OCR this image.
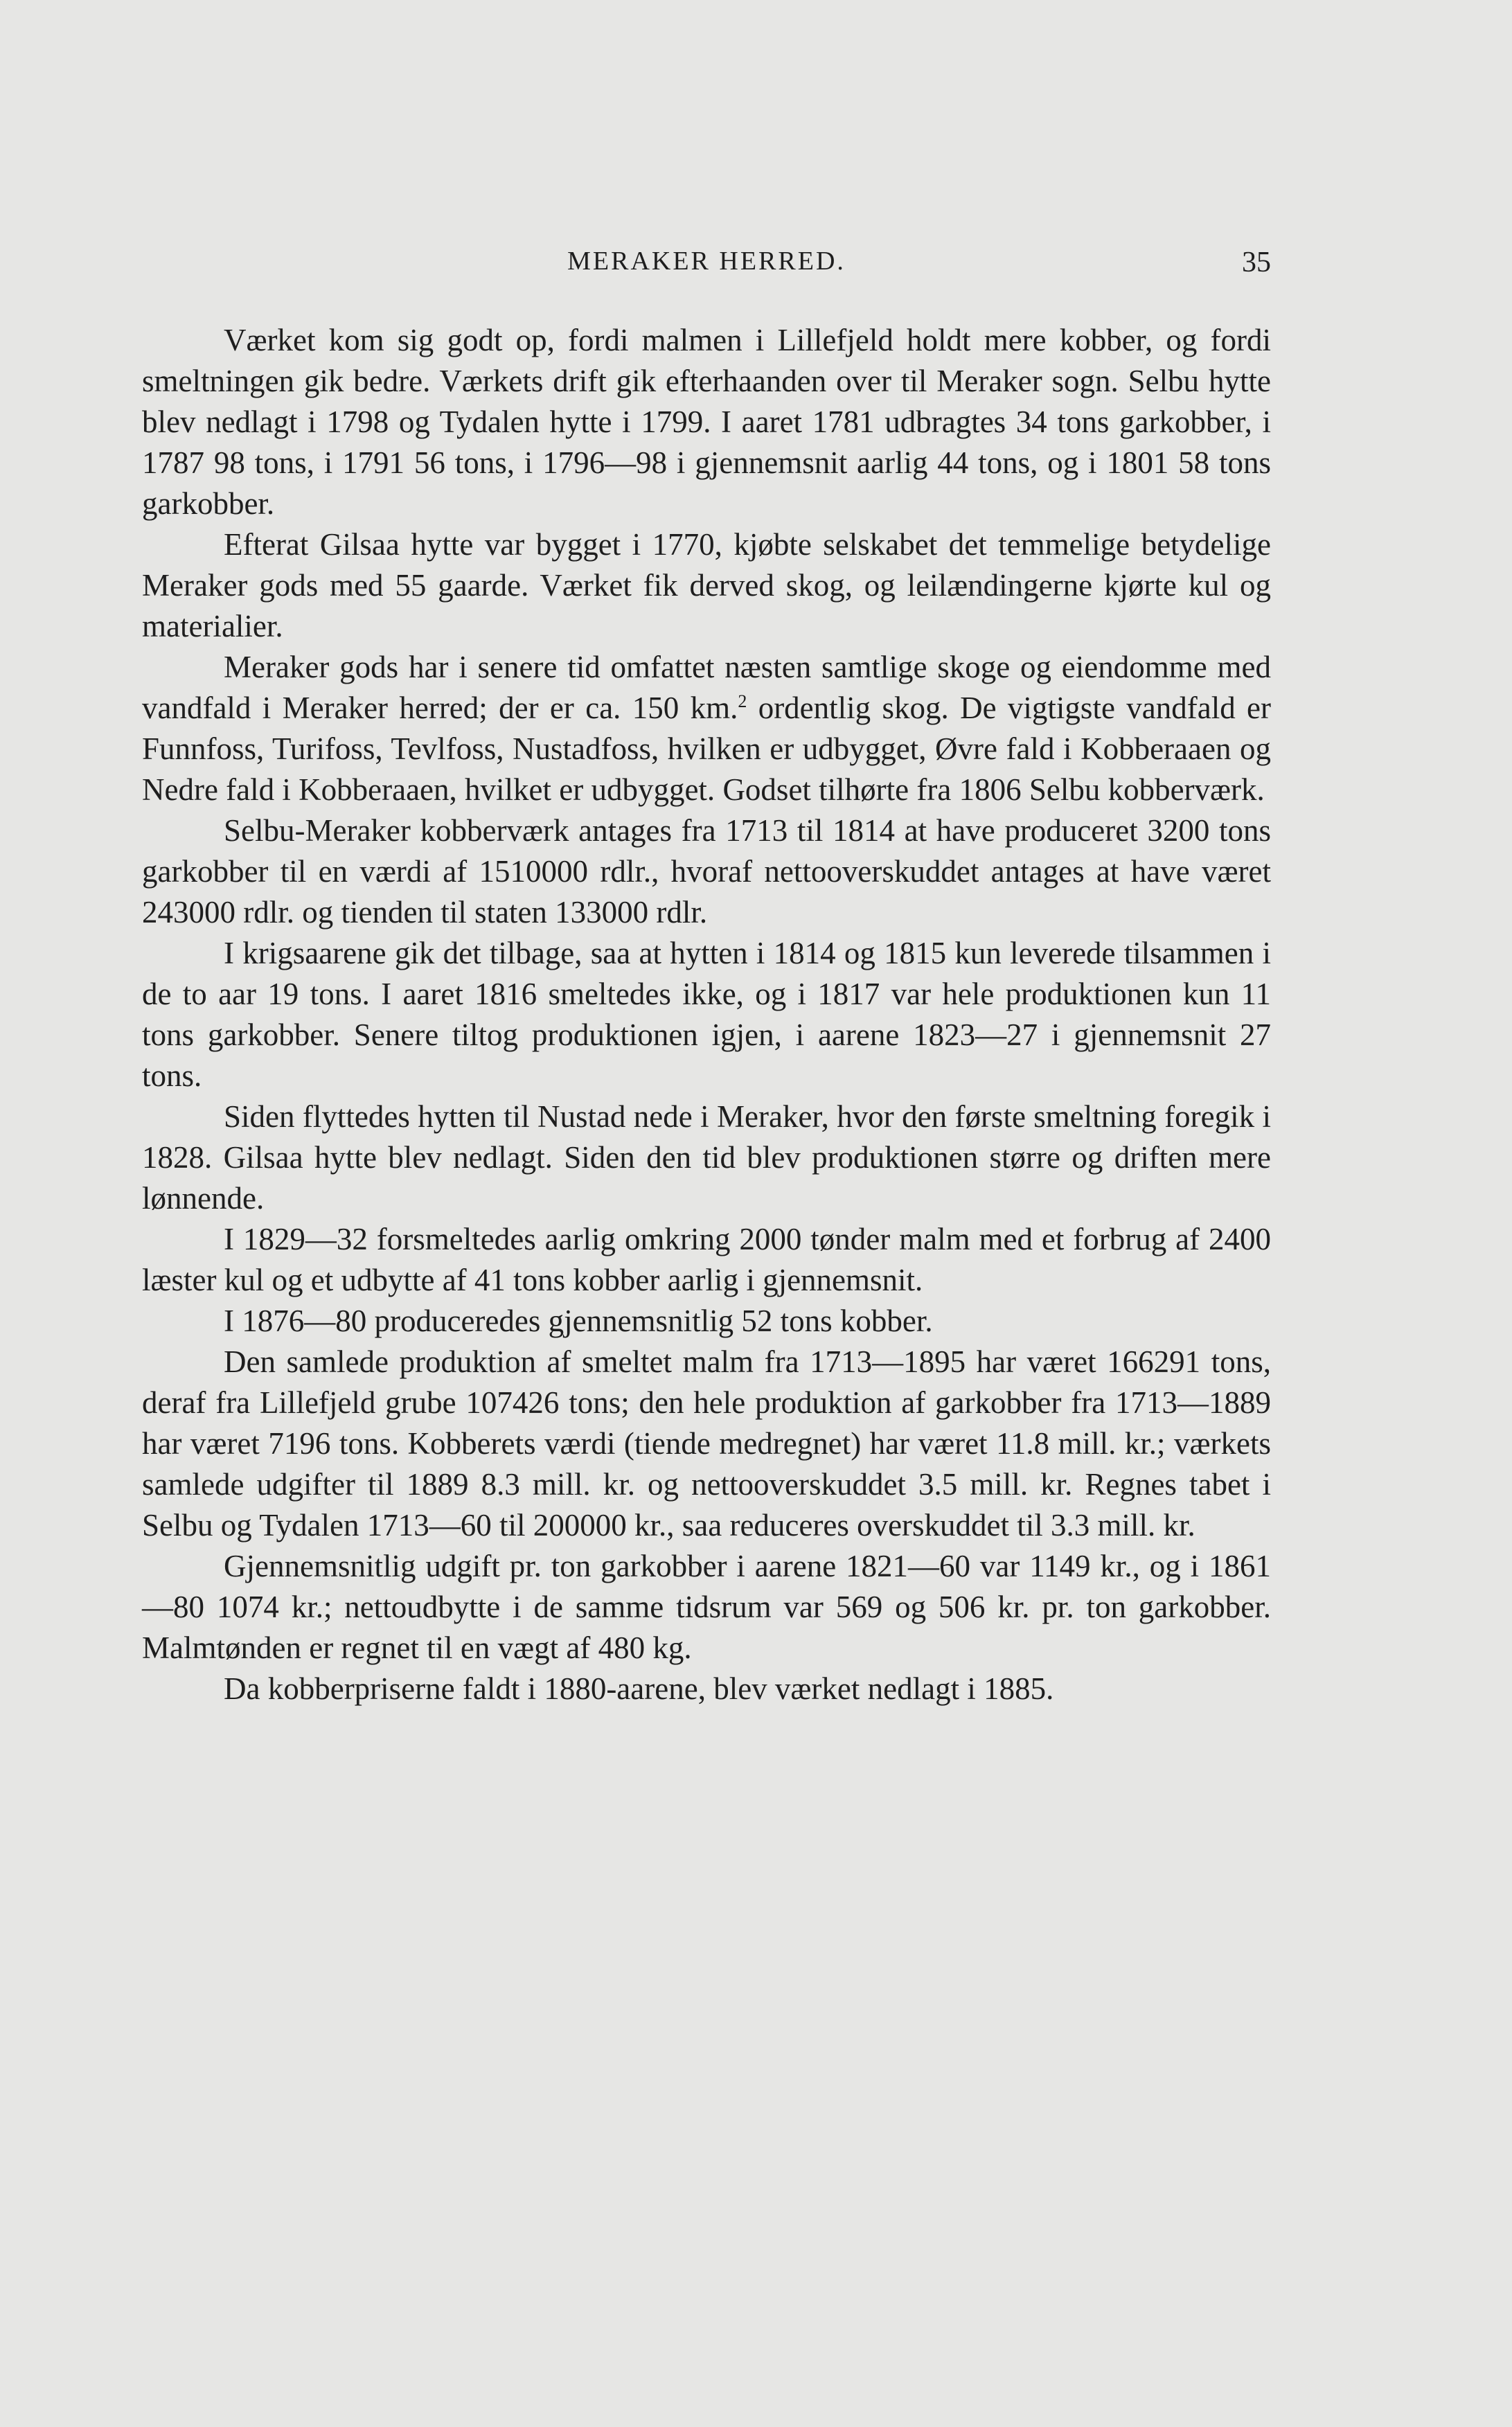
MERAKER HERRED.	35

Værket kom sig godt op, fordi malmen i Lillefjeld holdt mere kobber, og fordi smeltningen gik bedre. Værkets drift gik efterhaanden over til Meraker sogn. Selbu hytte blev nedlagt i 1798 og Tydalen hytte i 1799. I aaret 1781 udbragtes 34 tons garkobber, i 1787 98 tons, i 1791 56 tons, i 1796—98 i gjennemsnit aarlig 44 tons, og i 1801 58 tons garkobber.

Efterat Gilsaa hytte var bygget i 1770, kjøbte selskabet det temmelige betydelige Meraker gods med 55 gaarde. Værket fik derved skog, og leilændingerne kjørte kul og materialier.

Meraker gods har i senere tid omfattet næsten samtlige skoge og eiendomme med vandfald i Meraker herred; der er ca. 150 km.$^2$ ordentlig skog. De vigtigste vandfald er Funnfoss, Turifoss, Tevlfoss, Nustadfoss, hvilken er udbygget, Øvre fald i Kobberaaen og Nedre fald i Kobberaaen, hvilket er udbygget. Godset tilhørte fra 1806 Selbu kobberværk.

Selbu-Meraker kobberværk antages fra 1713 til 1814 at have produceret 3200 tons garkobber til en værdi af 1510000 rdlr., hvoraf nettooverskuddet antages at have været 243000 rdlr. og tienden til staten 133000 rdlr.

I krigsaarene gik det tilbage, saa at hytten i 1814 og 1815 kun leverede tilsammen i de to aar 19 tons. I aaret 1816 smeltedes ikke, og i 1817 var hele produktionen kun 11 tons garkobber. Senere tiltog produktionen igjen, i aarene 1823—27 i gjennemsnit 27 tons.

Siden flyttedes hytten til Nustad nede i Meraker, hvor den første smeltning foregik i 1828. Gilsaa hytte blev nedlagt. Siden den tid blev produktionen større og driften mere lønnende.

I 1829—32 forsmeltedes aarlig omkring 2000 tønder malm med et forbrug af 2400 læster kul og et udbytte af 41 tons kobber aarlig i gjennemsnit.

I 1876—80 produceredes gjennemsnitlig 52 tons kobber.

Den samlede produktion af smeltet malm fra 1713—1895 har været 166291 tons, deraf fra Lillefjeld grube 107426 tons; den hele produktion af garkobber fra 1713—1889 har været 7196 tons. Kobberets værdi (tiende medregnet) har været 11.8 mill. kr.; værkets samlede udgifter til 1889 8.3 mill. kr. og nettooverskuddet 3.5 mill. kr. Regnes tabet i Selbu og Tydalen 1713—60 til 200000 kr., saa reduceres overskuddet til 3.3 mill. kr.

Gjennemsnitlig udgift pr. ton garkobber i aarene 1821—60 var 1149 kr., og i 1861—80 1074 kr.; nettoudbytte i de samme tidsrum var 569 og 506 kr. pr. ton garkobber. Malmtønden er regnet til en vægt af 480 kg.

Da kobberpriserne faldt i 1880-aarene, blev værket nedlagt i 1885.
